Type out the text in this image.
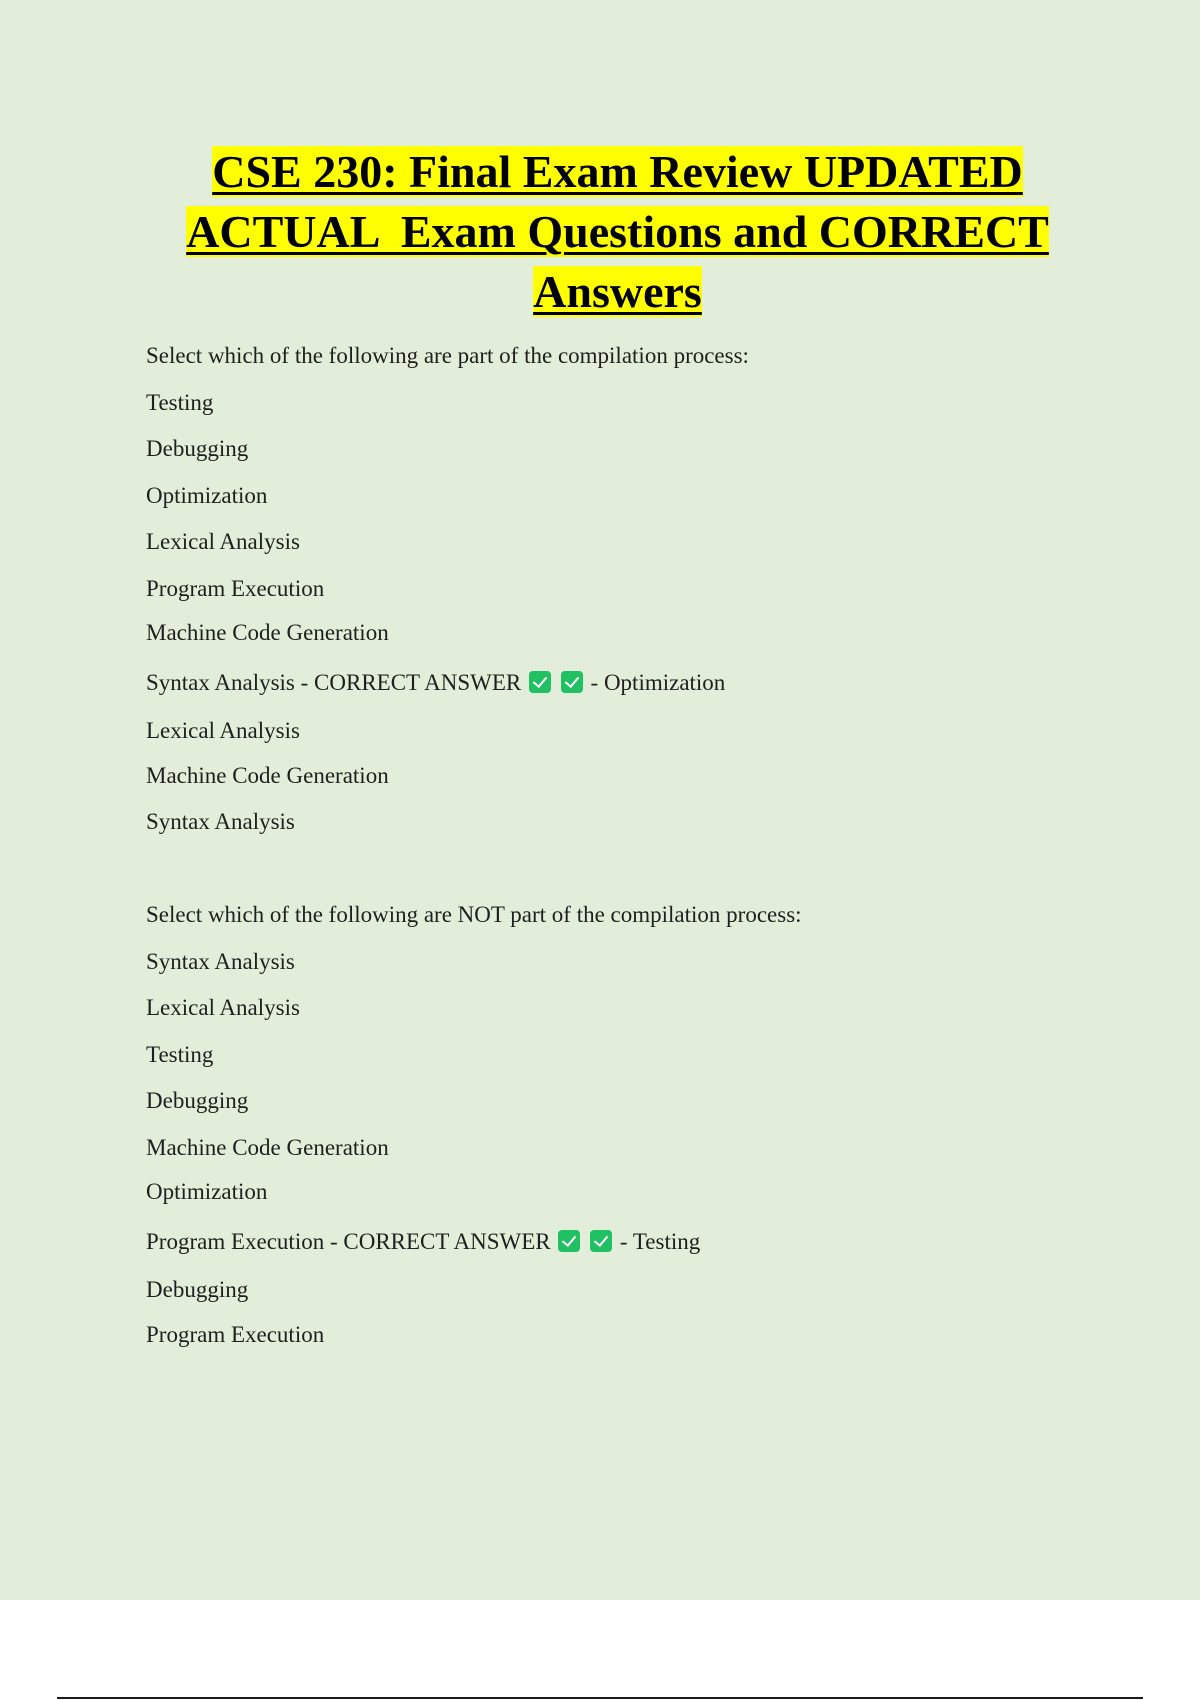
CSE 230: Final Exam Review UPDATED
ACTUAL  Exam Questions and CORRECT
Answers
Select which of the following are part of the compilation process:
Testing
Debugging
Optimization
Lexical Analysis
Program Execution
Machine Code Generation
Syntax Analysis - CORRECT ANSWER	- Optimization
Lexical Analysis
Machine Code Generation
Syntax Analysis
Select which of the following are NOT part of the compilation process:
Syntax Analysis
Lexical Analysis
Testing
Debugging
Machine Code Generation
Optimization
Program Execution - CORRECT ANSWER	- Testing
Debugging
Program Execution
